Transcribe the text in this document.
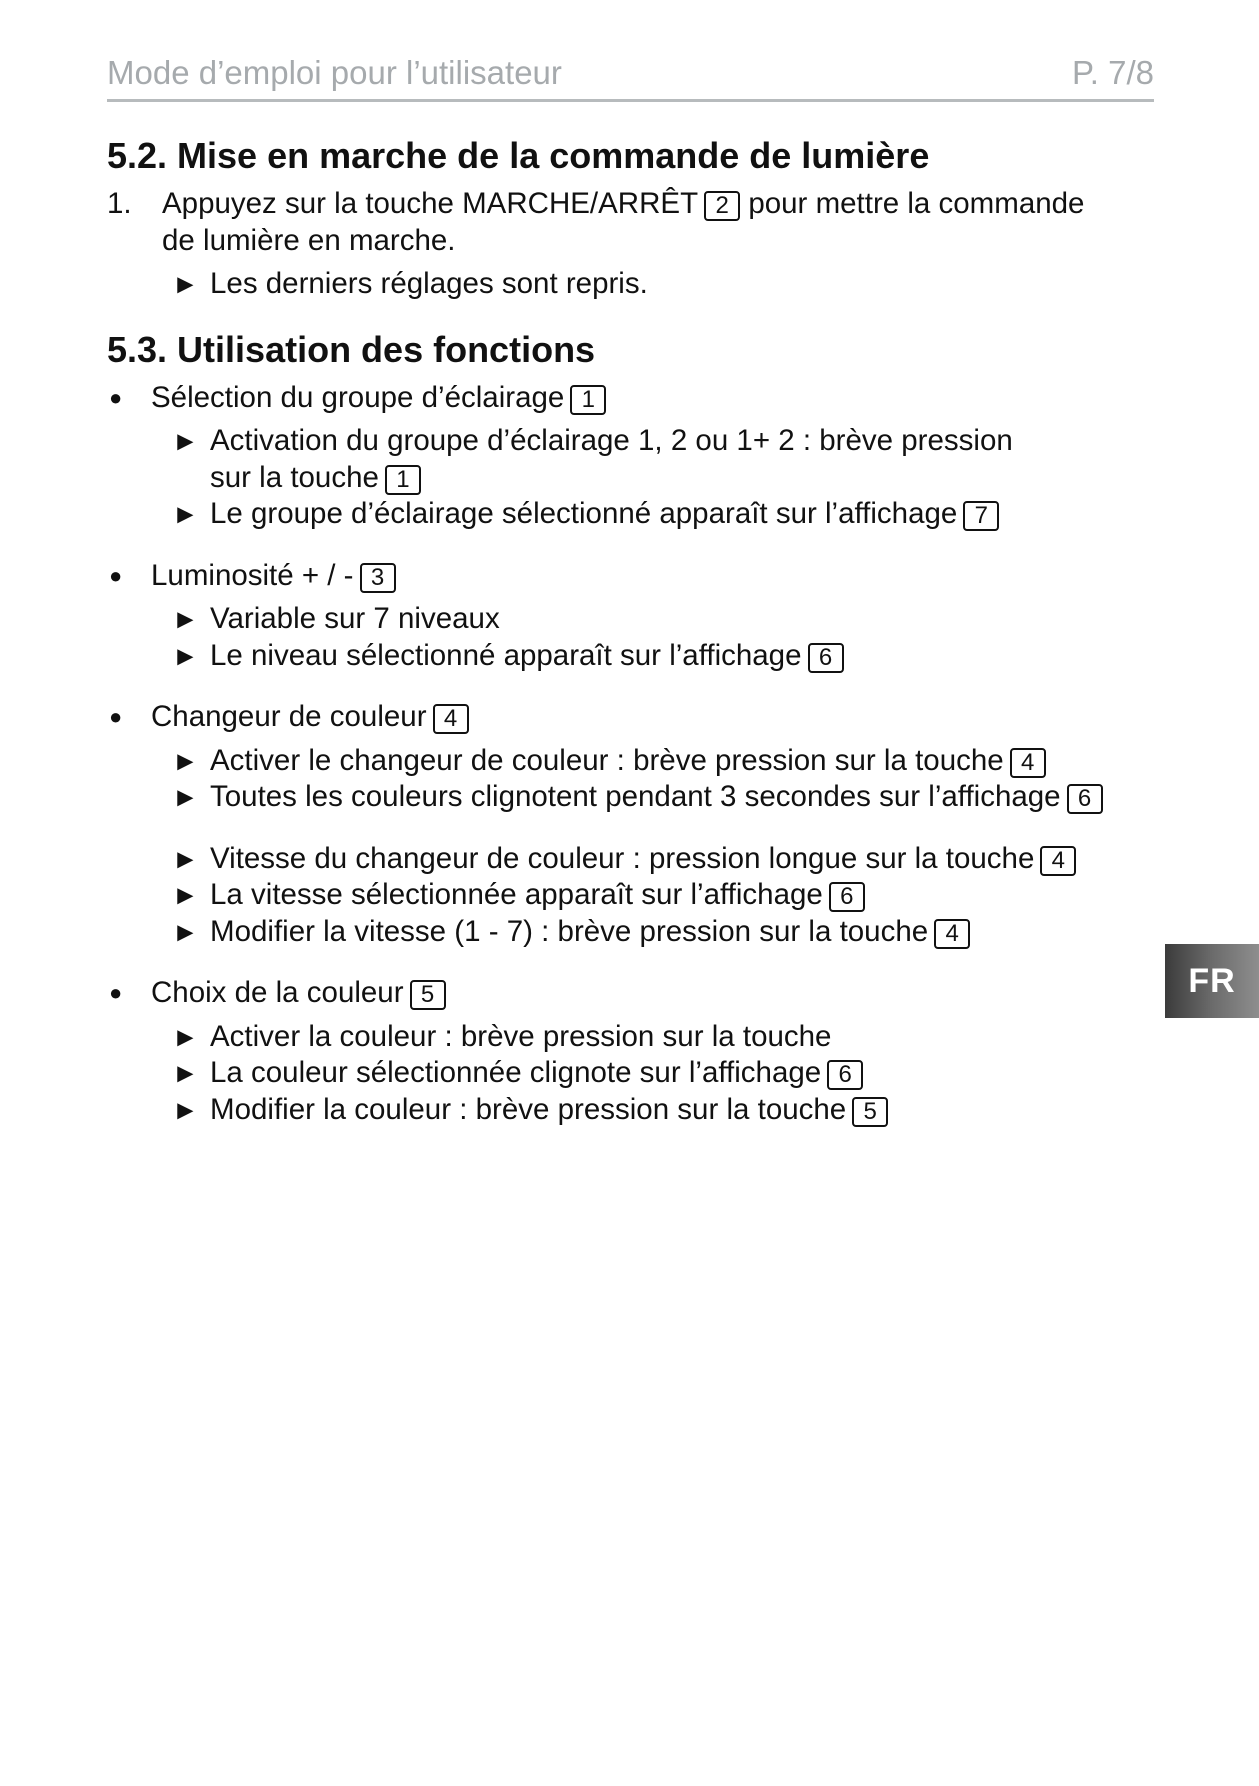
Mode d’emploi pour l’utilisateur	P. 7/8
5.2. Mise en marche de la commande de lumière
1. Appuyez sur la touche MARCHE/ARRÊT 2 pour mettre la commande
de lumière en marche.
► Les derniers réglages sont repris.
5.3. Utilisation des fonctions
● Sélection du groupe d’éclairage 1
► Activation du groupe d’éclairage 1, 2 ou 1+ 2 : brève pression
sur la touche 1
► Le groupe d’éclairage sélectionné apparaît sur l’affichage 7
● Luminosité + / - 3
► Variable sur 7 niveaux
► Le niveau sélectionné apparaît sur l’affichage 6
● Changeur de couleur 4
► Activer le changeur de couleur : brève pression sur la touche 4
► Toutes les couleurs clignotent pendant 3 secondes sur l’affichage 6
► Vitesse du changeur de couleur : pression longue sur la touche 4
► La vitesse sélectionnée apparaît sur l’affichage 6
► Modifier la vitesse (1 - 7) : brève pression sur la touche 4
● Choix de la couleur 5
► Activer la couleur : brève pression sur la touche
► La couleur sélectionnée clignote sur l’affichage 6
► Modifier la couleur : brève pression sur la touche 5
FR
